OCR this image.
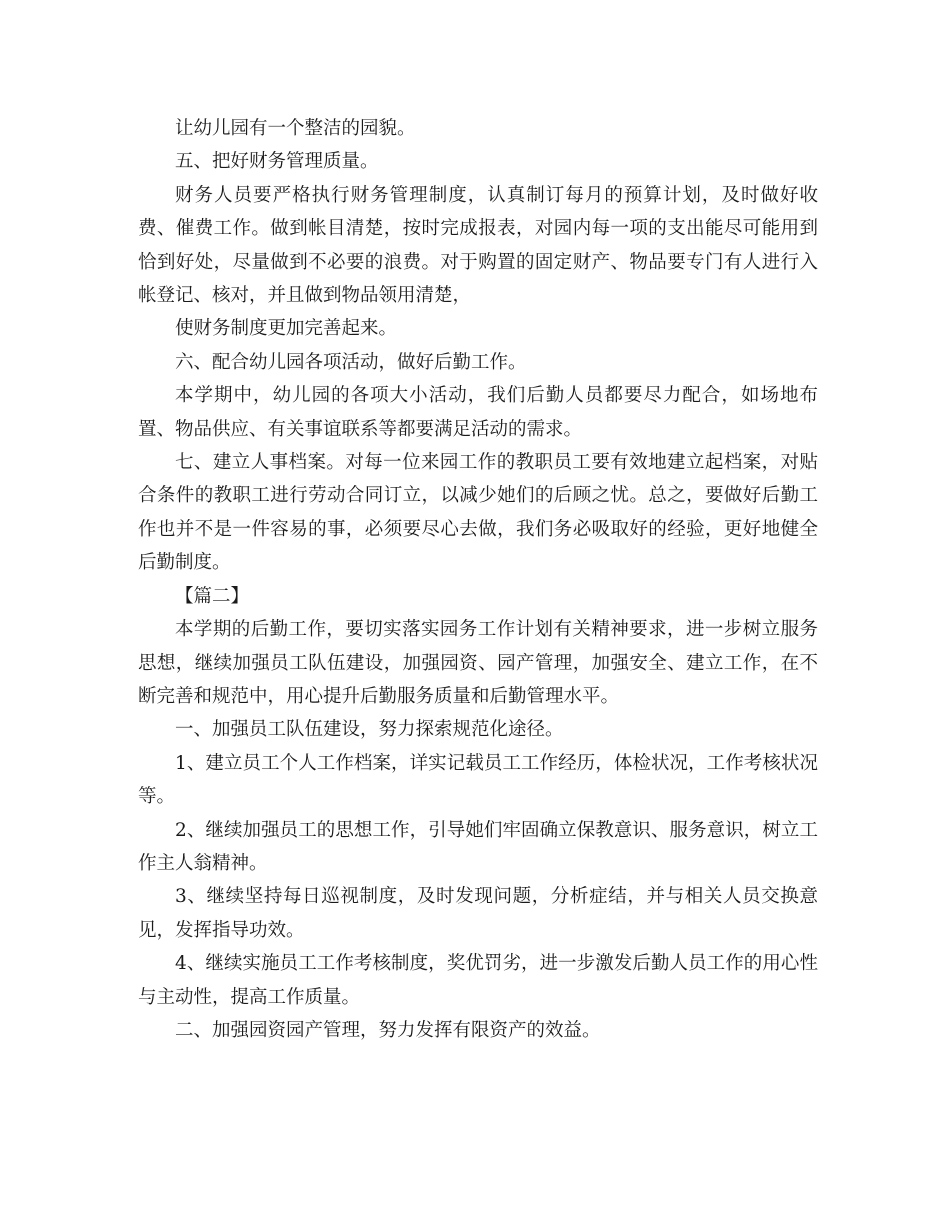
让幼儿园有一个整洁的园貌。

五、把好财务管理质量。

财务人员要严格执行财务管理制度，认真制订每月的预算计划，及时做好收费、催费工作。做到帐目清楚，按时完成报表，对园内每一项的支出能尽可能用到恰到好处，尽量做到不必要的浪费。对于购置的固定财产、物品要专门有人进行入帐登记、核对，并且做到物品领用清楚，

使财务制度更加完善起来。

六、配合幼儿园各项活动，做好后勤工作。

本学期中，幼儿园的各项大小活动，我们后勤人员都要尽力配合，如场地布置、物品供应、有关事谊联系等都要满足活动的需求。

七、建立人事档案。对每一位来园工作的教职员工要有效地建立起档案，对贴合条件的教职工进行劳动合同订立，以减少她们的后顾之忧。总之，要做好后勤工作也并不是一件容易的事，必须要尽心去做，我们务必吸取好的经验，更好地健全后勤制度。

【篇二】

本学期的后勤工作，要切实落实园务工作计划有关精神要求，进一步树立服务思想，继续加强员工队伍建设，加强园资、园产管理，加强安全、建立工作，在不断完善和规范中，用心提升后勤服务质量和后勤管理水平。

一、加强员工队伍建设，努力探索规范化途径。

1、建立员工个人工作档案，详实记载员工工作经历，体检状况，工作考核状况等。

2、继续加强员工的思想工作，引导她们牢固确立保教意识、服务意识，树立工作主人翁精神。

3、继续坚持每日巡视制度，及时发现问题，分析症结，并与相关人员交换意见，发挥指导功效。

4、继续实施员工工作考核制度，奖优罚劣，进一步激发后勤人员工作的用心性与主动性，提高工作质量。

二、加强园资园产管理，努力发挥有限资产的效益。
